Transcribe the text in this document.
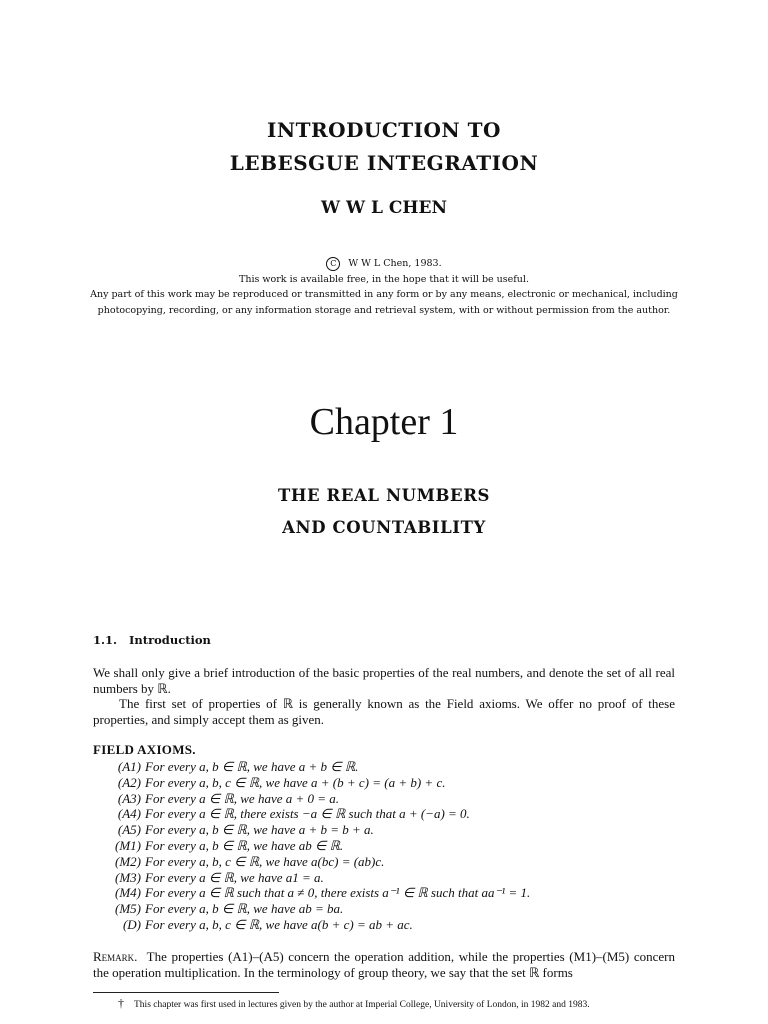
INTRODUCTION TO
LEBESGUE INTEGRATION
W W L CHEN
C W W L Chen, 1983.
This work is available free, in the hope that it will be useful.
Any part of this work may be reproduced or transmitted in any form or by any means, electronic or mechanical, including
photocopying, recording, or any information storage and retrieval system, with or without permission from the author.
Chapter 1
THE REAL NUMBERS
AND COUNTABILITY
1.1. Introduction
We shall only give a brief introduction of the basic properties of the real numbers, and denote the set of all real numbers by ℝ.
The first set of properties of ℝ is generally known as the Field axioms. We offer no proof of these properties, and simply accept them as given.
FIELD AXIOMS.
(A1) For every a, b ∈ ℝ, we have a + b ∈ ℝ.
(A2) For every a, b, c ∈ ℝ, we have a + (b + c) = (a + b) + c.
(A3) For every a ∈ ℝ, we have a + 0 = a.
(A4) For every a ∈ ℝ, there exists −a ∈ ℝ such that a + (−a) = 0.
(A5) For every a, b ∈ ℝ, we have a + b = b + a.
(M1) For every a, b ∈ ℝ, we have ab ∈ ℝ.
(M2) For every a, b, c ∈ ℝ, we have a(bc) = (ab)c.
(M3) For every a ∈ ℝ, we have a1 = a.
(M4) For every a ∈ ℝ such that a ≠ 0, there exists a⁻¹ ∈ ℝ such that aa⁻¹ = 1.
(M5) For every a, b ∈ ℝ, we have ab = ba.
(D) For every a, b, c ∈ ℝ, we have a(b + c) = ab + ac.
Remark. The properties (A1)–(A5) concern the operation addition, while the properties (M1)–(M5) concern the operation multiplication. In the terminology of group theory, we say that the set ℝ forms
† This chapter was first used in lectures given by the author at Imperial College, University of London, in 1982 and 1983.
